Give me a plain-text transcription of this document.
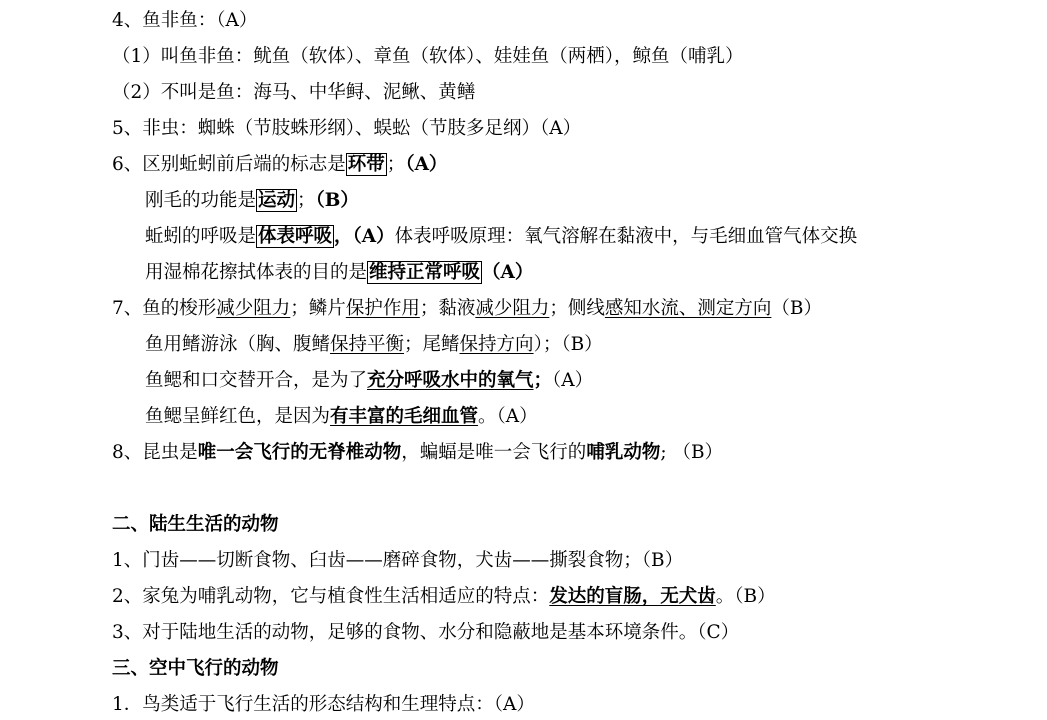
4、鱼非鱼：（A）
（1）叫鱼非鱼：鱿鱼（软体）、章鱼（软体）、娃娃鱼（两栖），鲸鱼（哺乳）
（2）不叫是鱼：海马、中华鲟、泥鳅、黄鳝
5、非虫：蜘蛛（节肢蛛形纲）、蜈蚣（节肢多足纲）（A）
6、区别蚯蚓前后端的标志是 环带 ；（A）
刚毛的功能是 运动 ；（B）
蚯蚓的呼吸是 体表呼吸 ，（A）体表呼吸原理：氧气溶解在黏液中，与毛细血管气体交换
用湿棉花擦拭体表的目的是 维持正常呼吸 （A）
7、鱼的梭形减少阻力；鳞片保护作用；黏液减少阻力；侧线感知水流、测定方向（B）
鱼用鳍游泳（胸、腹鳍保持平衡；尾鳍保持方向）；（B）
鱼鳃和口交替开合，是为了充分呼吸水中的氧气；（A）
鱼鳃呈鲜红色，是因为有丰富的毛细血管。（A）
8、昆虫是唯一会飞行的无脊椎动物，蝙蝠是唯一会飞行的哺乳动物; （B）
二、陆生生活的动物
1、门齿——切断食物、臼齿——磨碎食物，犬齿——撕裂食物；（B）
2、家兔为哺乳动物，它与植食性生活相适应的特点：发达的盲肠，无犬齿。（B）
3、对于陆地生活的动物，足够的食物、水分和隐蔽地是基本环境条件。（C）
三、空中飞行的动物
1．鸟类适于飞行生活的形态结构和生理特点：（A）
